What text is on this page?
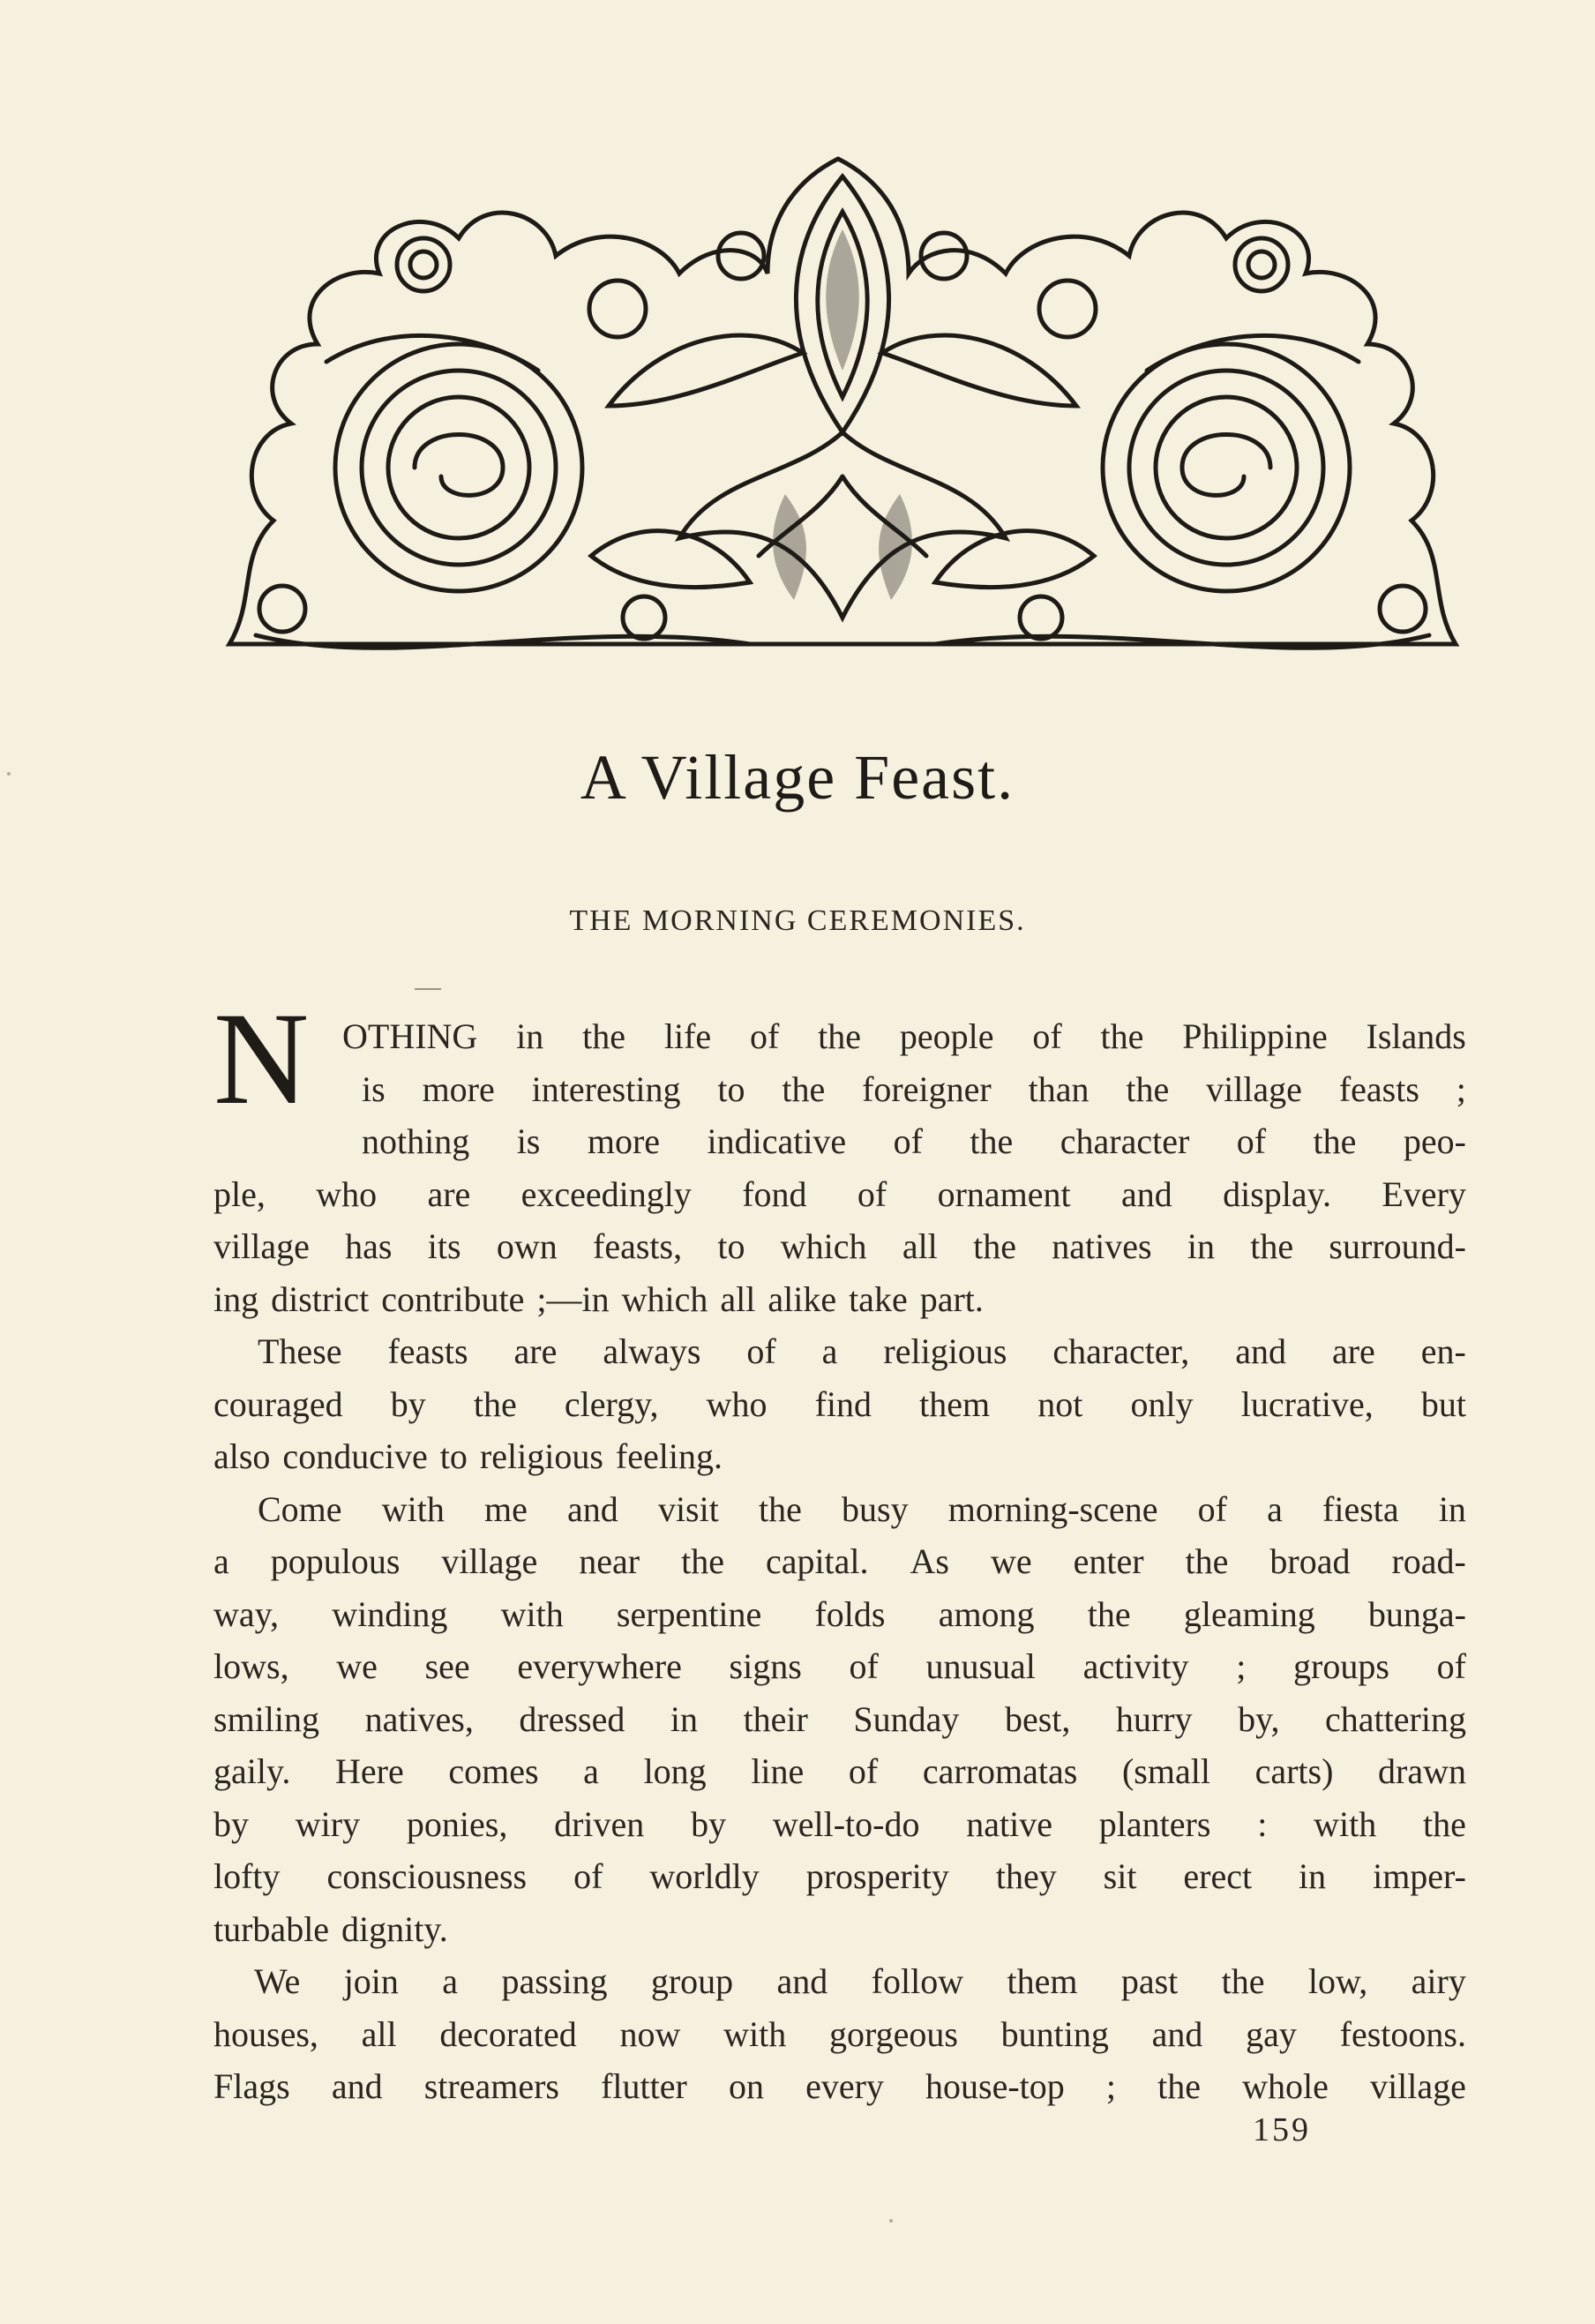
A Village Feast.
THE MORNING CEREMONIES.
N OTHING in the life of the people of the Philippine Islands
is more interesting to the foreigner than the village feasts ;
nothing is more indicative of the character of the peo-
ple, who are exceedingly fond of ornament and display. Every
village has its own feasts, to which all the natives in the surround-
ing district contribute ;—in which all alike take part.
These feasts are always of a religious character, and are en-
couraged by the clergy, who find them not only lucrative, but
also conducive to religious feeling.
Come with me and visit the busy morning-scene of a fiesta in
a populous village near the capital. As we enter the broad road-
way, winding with serpentine folds among the gleaming bunga-
lows, we see everywhere signs of unusual activity ; groups of
smiling natives, dressed in their Sunday best, hurry by, chattering
gaily. Here comes a long line of carromatas (small carts) drawn
by wiry ponies, driven by well-to-do native planters : with the
lofty consciousness of worldly prosperity they sit erect in imper-
turbable dignity.
We join a passing group and follow them past the low, airy
houses, all decorated now with gorgeous bunting and gay festoons.
Flags and streamers flutter on every house-top ; the whole village
159
